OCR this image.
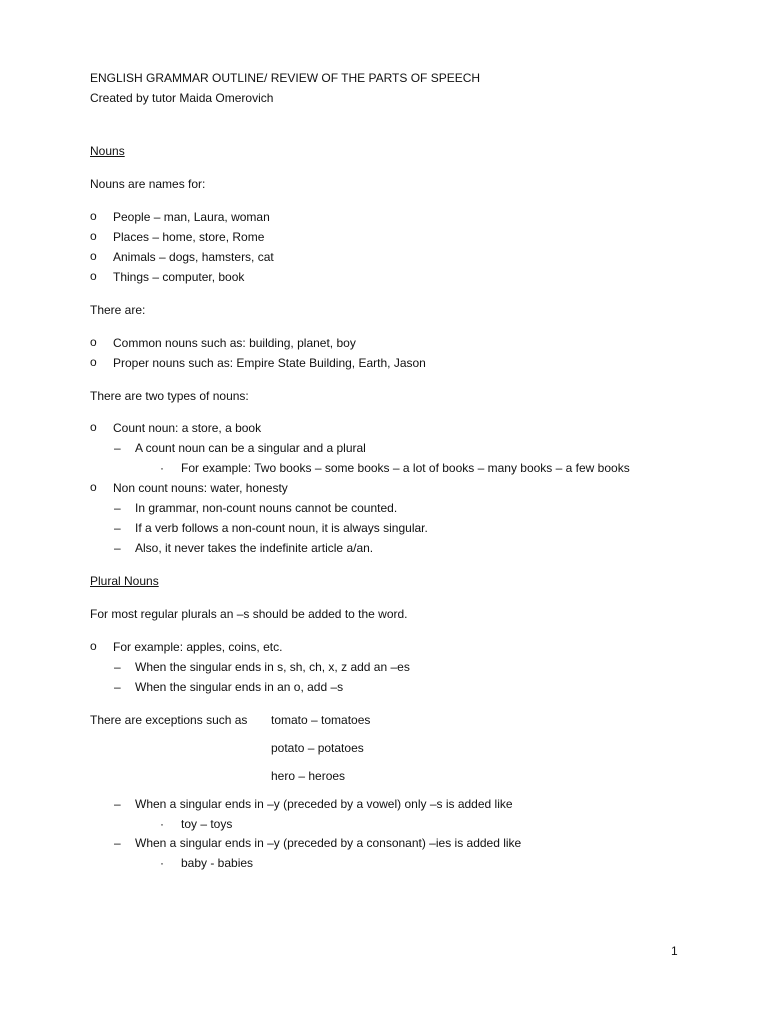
ENGLISH GRAMMAR OUTLINE/ REVIEW OF THE PARTS OF SPEECH
Created by tutor Maida Omerovich
Nouns
Nouns are names for:
o	People – man, Laura, woman
o	Places – home, store, Rome
o	Animals – dogs, hamsters, cat
o	Things – computer, book
There are:
o	Common nouns such as: building, planet, boy
o	Proper nouns such as: Empire State Building, Earth, Jason
There are two types of nouns:
o	Count noun: a store, a book
– A count noun can be a singular and a plural
· For example: Two books – some books – a lot of books – many books – a few books
o	Non count nouns: water, honesty
– In grammar, non-count nouns cannot be counted.
– If a verb follows a non-count noun, it is always singular.
– Also, it never takes the indefinite article a/an.
Plural Nouns
For most regular plurals an –s should be added to the word.
o	For example: apples, coins, etc.
– When the singular ends in s, sh, ch, x, z add an –es
– When the singular ends in an o, add –s
There are exceptions such as tomato – tomatoes
potato – potatoes
hero – heroes
– When a singular ends in –y (preceded by a vowel) only –s is added like
· toy – toys
– When a singular ends in –y (preceded by a consonant) –ies is added like
· baby - babies
1
